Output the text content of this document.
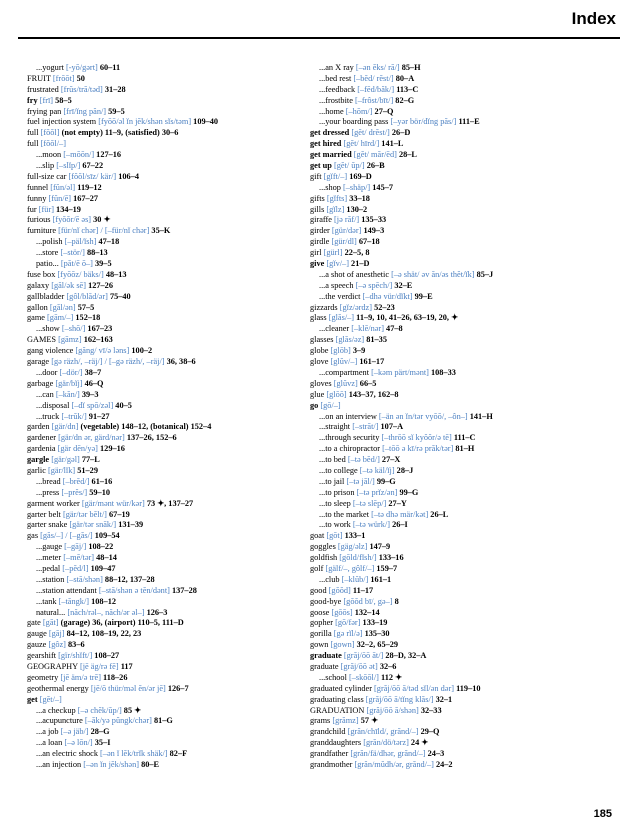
Index
...yogurt [-yō/gərt] 60–11
FRUIT [frōōt] 50
frustrated [frŭs/trā/təd] 31–28
fry [frī] 58–5
frying pan [frī/ĭng păn/] 59–5
fuel injection system [fyōō/əl ĭn jĕk/shən sĭs/təm] 109–40
full [fŏŏl] (not empty) 11–9, (satisfied) 30–6
full [fŏŏl/–]
...moon [–mōōn/] 127–16
...slip [–slĭp/] 67–22
full-size car [fŏŏl/sīz/ kär/] 106–4
funnel [fŭn/əl] 119–12
funny [fŭn/ē] 167–27
fur [für] 134–19
furious [fyŏŏr/ē əs] 30 ✦
furniture [für/nĭ chər] / [–für/nĭ chər] 35–K
...polish [–päl/ĭsh] 47–18
...store [–stör/] 88–13
patio... [păt/ē ō–] 39–5
fuse box [fyōōz/ bäks/] 48–13
galaxy [găl/ək sē] 127–26
gallbladder [gôl/blăd/ər] 75–40
gallon [găl/ən] 57–5
game [gām/–] 152–18
...show [–shō/] 167–23
GAMES [gāmz] 162–163
gang violence [găng/ vī/ə ləns] 100–2
garage [gə räzh/, –räj/] / [–gə räzh/, –räj/] 36, 38–6
...door [–dör/] 38–7
garbage [gär/bĭj] 46–Q
...can [–kăn/] 39–3
...disposal [–dĭ spō/zəl] 40–5
...truck [–trŭk/] 91–27
garden [gär/dn] (vegetable) 148–12, (botanical) 152–4
gardener [gär/dn ər, gärd/nər] 137–26, 152–6
gardenia [gär dēn/yə] 129–16
gargle [gär/gəl] 77–L
garlic [gär/lĭk] 51–29
...bread [–brĕd/] 61–16
...press [–prĕs/] 59–10
garment worker [gär/mənt wür/kər] 73 ✦, 137–27
garter belt [gär/tər bĕlt/] 67–19
garter snake [gär/tər snāk/] 131–39
gas [găs/–] / [–găs/] 109–54
...gauge [–gāj/] 108–22
...meter [–mē/tər] 48–14
...pedal [–pĕd/l] 109–47
...station [–stā/shən] 88–12, 137–28
...station attendant [–stā/shən ə tĕn/dənt] 137–28
...tank [–tăngk/] 108–12
natural... [năch/rəl–, năch/ər əl–] 126–3
gate [gāt] (garage) 36, (airport) 110–5, 111–D
gauge [gāj] 84–12, 108–19, 22, 23
gauze [gôz] 83–6
gearshift [gïr/shĭft/] 108–27
GEOGRAPHY [jē äg/rə fē] 117
geometry [jē äm/ə trē] 118–26
geothermal energy [jē/ō thür/məl ĕn/ər jē] 126–7
get [gĕt/–]
...a checkup [–ə chĕk/ŭp/] 85 ✦
...acupuncture [–ăk/yə pŭngk/chər] 81–G
...a job [–ə jäb/] 28–G
...a loan [–ə lōn/] 35–I
...an electric shock [–ən ĭ lĕk/trĭk shäk/] 82–F
...an injection [–ən ĭn jĕk/shən] 80–E
...an X ray [–ən ĕks/ rā/] 85–H
...bed rest [–bĕd/ rĕst/] 80–A
...feedback [–fēd/băk/] 113–C
...frostbite [–frôst/bīt/] 82–G
...home [–hōm/] 27–Q
...your boarding pass [–yər bör/dĭng păs/] 111–E
get dressed [gĕt/ drĕst/] 26–D
get hired [gĕt/ hīrd/] 141–L
get married [gĕt/ măr/ēd] 28–L
get up [gĕt/ ŭp/] 26–B
gift [gĭft/–] 169–D
...shop [–shäp/] 145–7
gifts [gĭfts] 33–18
gills [gĭlz] 130–2
giraffe [jə răf/] 135–33
girder [gür/dər] 149–3
girdle [gür/dl] 67–18
girl [gürl] 22–5, 8
give [gĭv/–] 21–D
...a shot of anesthetic [–ə shät/ əv ăn/əs thĕt/ĭk] 85–J
...a speech [–ə spēch/] 32–E
...the verdict [–dhə vür/dĭkt] 99–E
gizzards [gĭz/ərdz] 52–23
glass [glăs/–] 11–9, 10, 41–26, 63–19, 20, ✦
...cleaner [–klē/nər] 47–8
glasses [glăs/əz] 81–35
globe [glōb] 3–9
glove [glŭv/–] 161–17
...compartment [–kəm pärt/mənt] 108–33
gloves [glŭvz] 66–5
glue [glōō] 143–37, 162–8
go [gō/–]
...on an interview [–än ən ĭn/tər vyōō/, –ôn–] 141–H
...straight [–strāt/] 107–A
...through security [–thrōō sĭ kyŏŏr/ə tē] 111–C
...to a chiropractor [–tōō ə kī/rə prăk/tər] 81–H
...to bed [–tə bĕd/] 27–X
...to college [–tə käl/ĭj] 28–J
...to jail [–tə jāl/] 99–G
...to prison [–tə prĭz/ən] 99–G
...to sleep [–tə slēp/] 27–Y
...to the market [–tə dhə mär/kət] 26–L
...to work [–tə würk/] 26–I
goat [gōt] 133–1
goggles [gäg/əlz] 147–9
goldfish [gōld/fĭsh/] 133–16
golf [gälf/–, gôlf/–] 159–7
...club [–klŭb/] 161–1
good [gŏŏd] 11–17
good-bye [gŏŏd bī/, gə–] 8
goose [gōōs] 132–14
gopher [gō/fər] 133–19
gorilla [gə rĭl/ə] 135–30
gown [gown] 32–2, 65–29
graduate [grăj/ōō āt/] 28–D, 32–A
graduate [grăj/ōō ət] 32–6
...school [–skōōl/] 112 ✦
graduated cylinder [grăj/ōō ā/təd sĭl/ən dər] 119–10
graduating class [grăj/ōō ā/tĭng klăs/] 32–1
GRADUATION [grăj/ōō ā/shən] 32–33
grams [grămz] 57 ✦
grandchild [grăn/chīld/, grănd/–] 29–Q
granddaughters [grăn/dö/tərz] 24 ✦
grandfather [grăn/fä/dhər, grănd/–] 24–3
grandmother [grăn/mŭdh/ər, grănd/–] 24–2
185
